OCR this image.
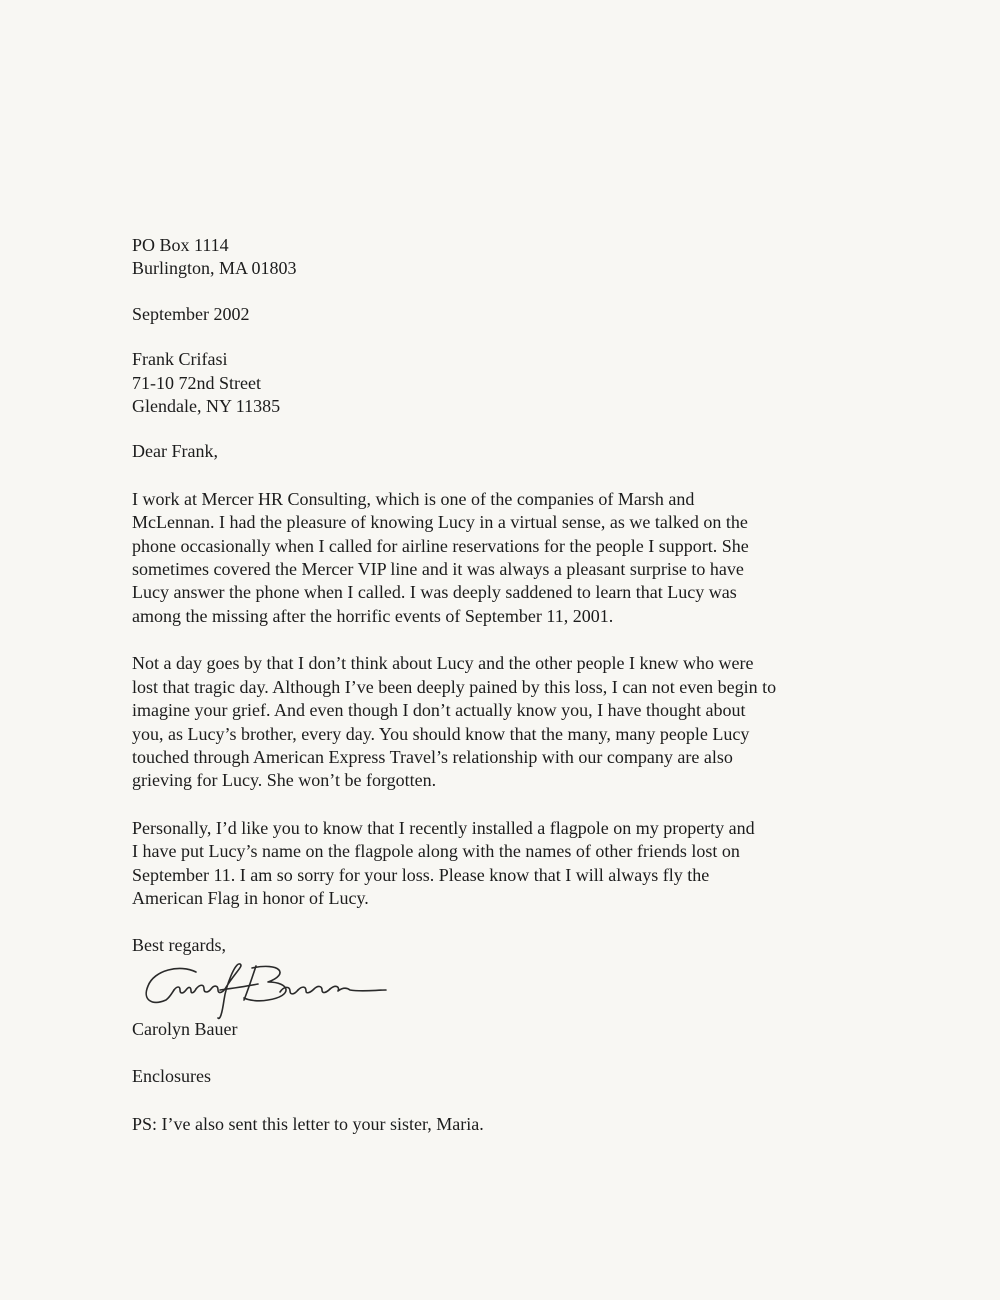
PO Box 1114
Burlington, MA 01803
September 2002
Frank Crifasi
71-10 72nd Street
Glendale, NY 11385
Dear Frank,
I work at Mercer HR Consulting, which is one of the companies of Marsh and
McLennan. I had the pleasure of knowing Lucy in a virtual sense, as we talked on the
phone occasionally when I called for airline reservations for the people I support. She
sometimes covered the Mercer VIP line and it was always a pleasant surprise to have
Lucy answer the phone when I called. I was deeply saddened to learn that Lucy was
among the missing after the horrific events of September 11, 2001.
Not a day goes by that I don’t think about Lucy and the other people I knew who were
lost that tragic day. Although I’ve been deeply pained by this loss, I can not even begin to
imagine your grief. And even though I don’t actually know you, I have thought about
you, as Lucy’s brother, every day. You should know that the many, many people Lucy
touched through American Express Travel’s relationship with our company are also
grieving for Lucy. She won’t be forgotten.
Personally, I’d like you to know that I recently installed a flagpole on my property and
I have put Lucy’s name on the flagpole along with the names of other friends lost on
September 11. I am so sorry for your loss. Please know that I will always fly the
American Flag in honor of Lucy.
Best regards,
Carolyn Bauer
Enclosures
PS: I’ve also sent this letter to your sister, Maria.
